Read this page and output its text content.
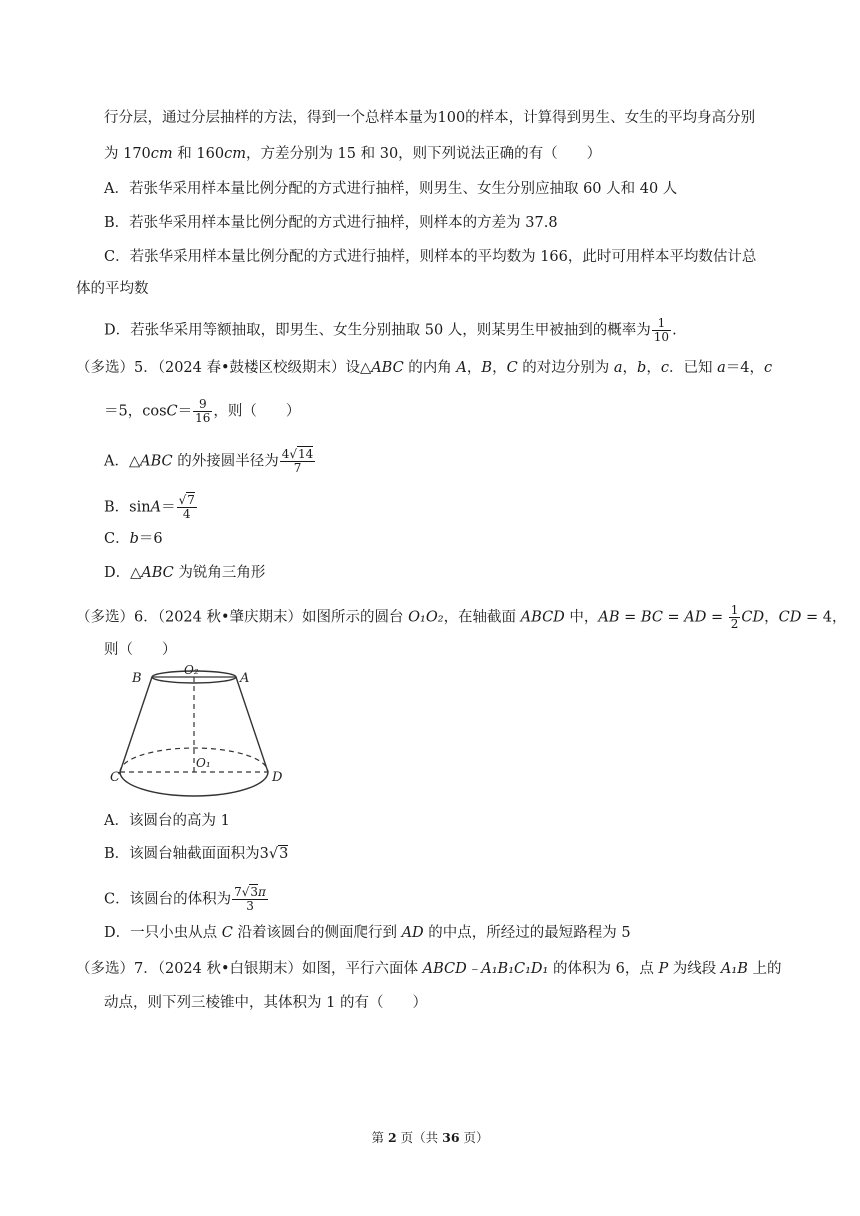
行分层，通过分层抽样的方法，得到一个总样本量为100的样本，计算得到男生、女生的平均身高分别
为 170cm 和 160cm，方差分别为 15 和 30，则下列说法正确的有（　　）
A．若张华采用样本量比例分配的方式进行抽样，则男生、女生分别应抽取 60 人和 40 人
B．若张华采用样本量比例分配的方式进行抽样，则样本的方差为 37.8
C．若张华采用样本量比例分配的方式进行抽样，则样本的平均数为 166，此时可用样本平均数估计总
体的平均数
D．若张华采用等额抽取，即男生、女生分别抽取 50 人，则某男生甲被抽到的概率为 $\frac{1}{10}$ .
（多选）5．（2024 春•鼓楼区校级期末）设△ABC 的内角 A，B，C 的对边分别为 a，b，c．已知 a＝4，c
＝5，$\cos C= \frac{9}{16}$ ，则（　　）
A．△ABC 的外接圆半径为 $\frac{4√14}{7}$
B．$\sin A= \frac{√7}{4}$
C．b＝6
D．△ABC 为锐角三角形
（多选）6．（2024 秋•肇庆期末）如图所示的圆台 O₁O₂，在轴截面 ABCD 中，AB = BC = AD = $\frac{1}{2}$ CD，CD = 4，
则（　　）
B	A
O₂
O₁
C	D
A．该圆台的高为 1
B．该圆台轴截面面积为3√3
C．该圆台的体积为 $\frac{7√3\pi}{3}$
D．一只小虫从点 C 沿着该圆台的侧面爬行到 AD 的中点，所经过的最短路程为 5
（多选）7．（2024 秋•白银期末）如图，平行六面体 ABCD﹣A₁B₁C₁D₁ 的体积为 6，点 P 为线段 A₁B 上的
动点，则下列三棱锥中，其体积为 1 的有（　　）
第 2 页（共 36 页）
